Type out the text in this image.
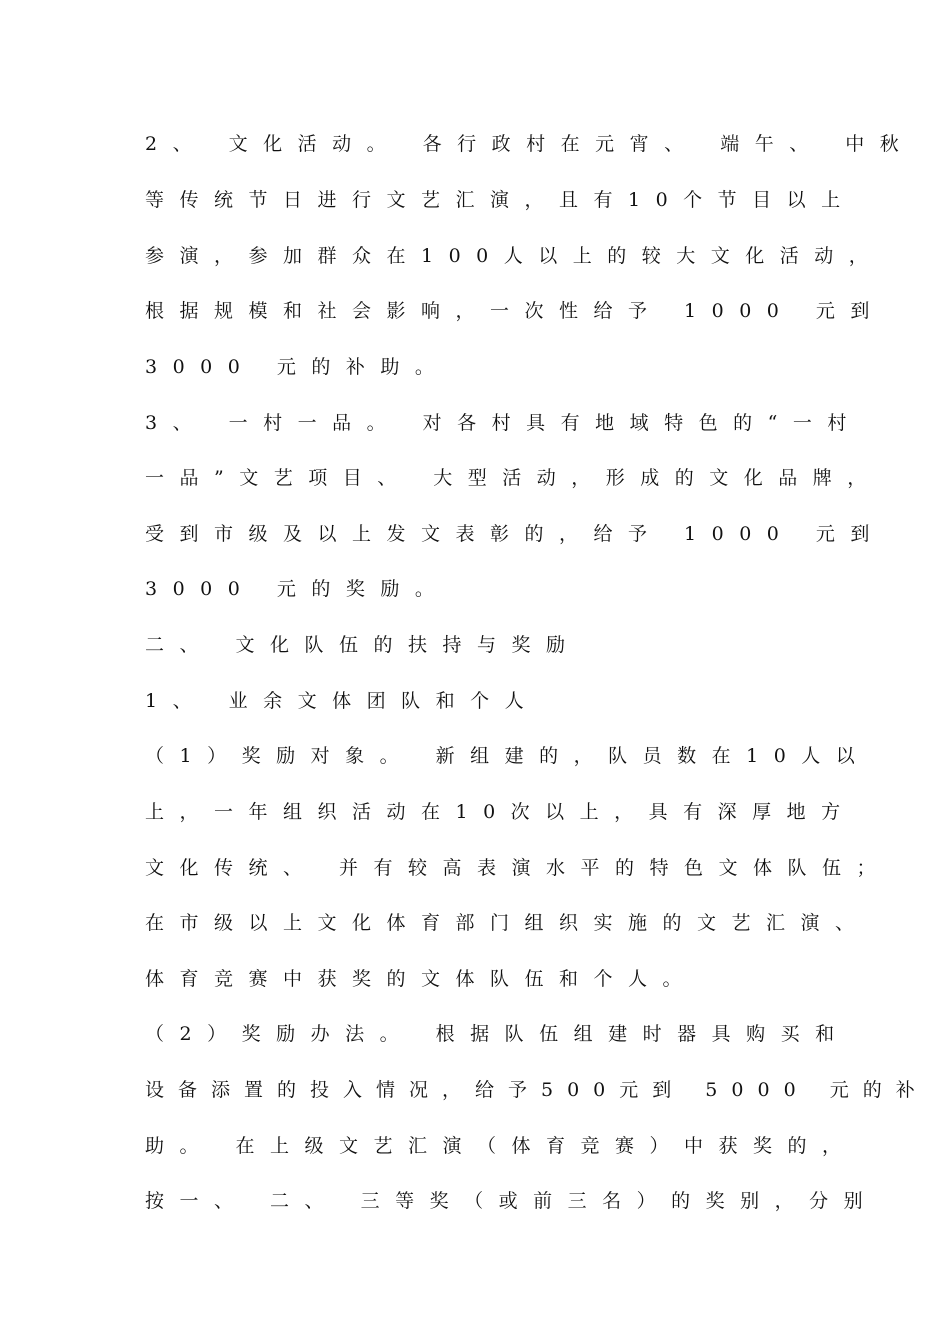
2、 文化活动。 各行政村在元宵、 端午、 中秋

等传统节日进行文艺汇演，且有10个节目以上

参演，参加群众在100人以上的较大文化活动，

根据规模和社会影响，一次性给予 1000 元到

3000 元的补助。

3、 一村一品。 对各村具有地域特色的“一村

一品”文艺项目、 大型活动，形成的文化品牌，

受到市级及以上发文表彰的，给予 1000 元到

3000 元的奖励。

二、 文化队伍的扶持与奖励

1、 业余文体团队和个人

（1）奖励对象。 新组建的，队员数在10人以

上，一年组织活动在10次以上，具有深厚地方

文化传统、 并有较高表演水平的特色文体队伍；

在市级以上文化体育部门组织实施的文艺汇演、

体育竞赛中获奖的文体队伍和个人。

（2）奖励办法。 根据队伍组建时器具购买和

设备添置的投入情况，给予500元到 5000 元的补

助。 在上级文艺汇演（体育竞赛）中获奖的，

按一、 二、 三等奖（或前三名）的奖别，分别
